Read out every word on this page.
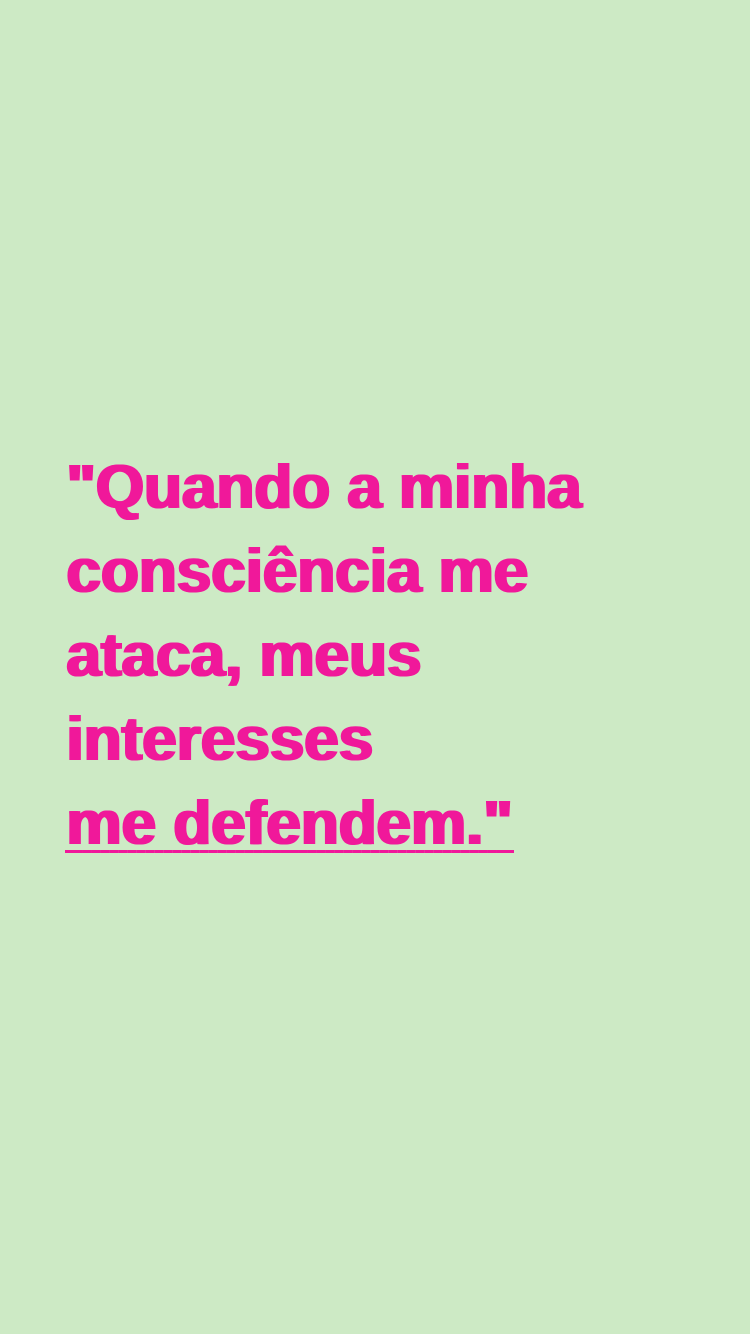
"Quando a minha
consciência me
ataca, meus
interesses
me defendem."
